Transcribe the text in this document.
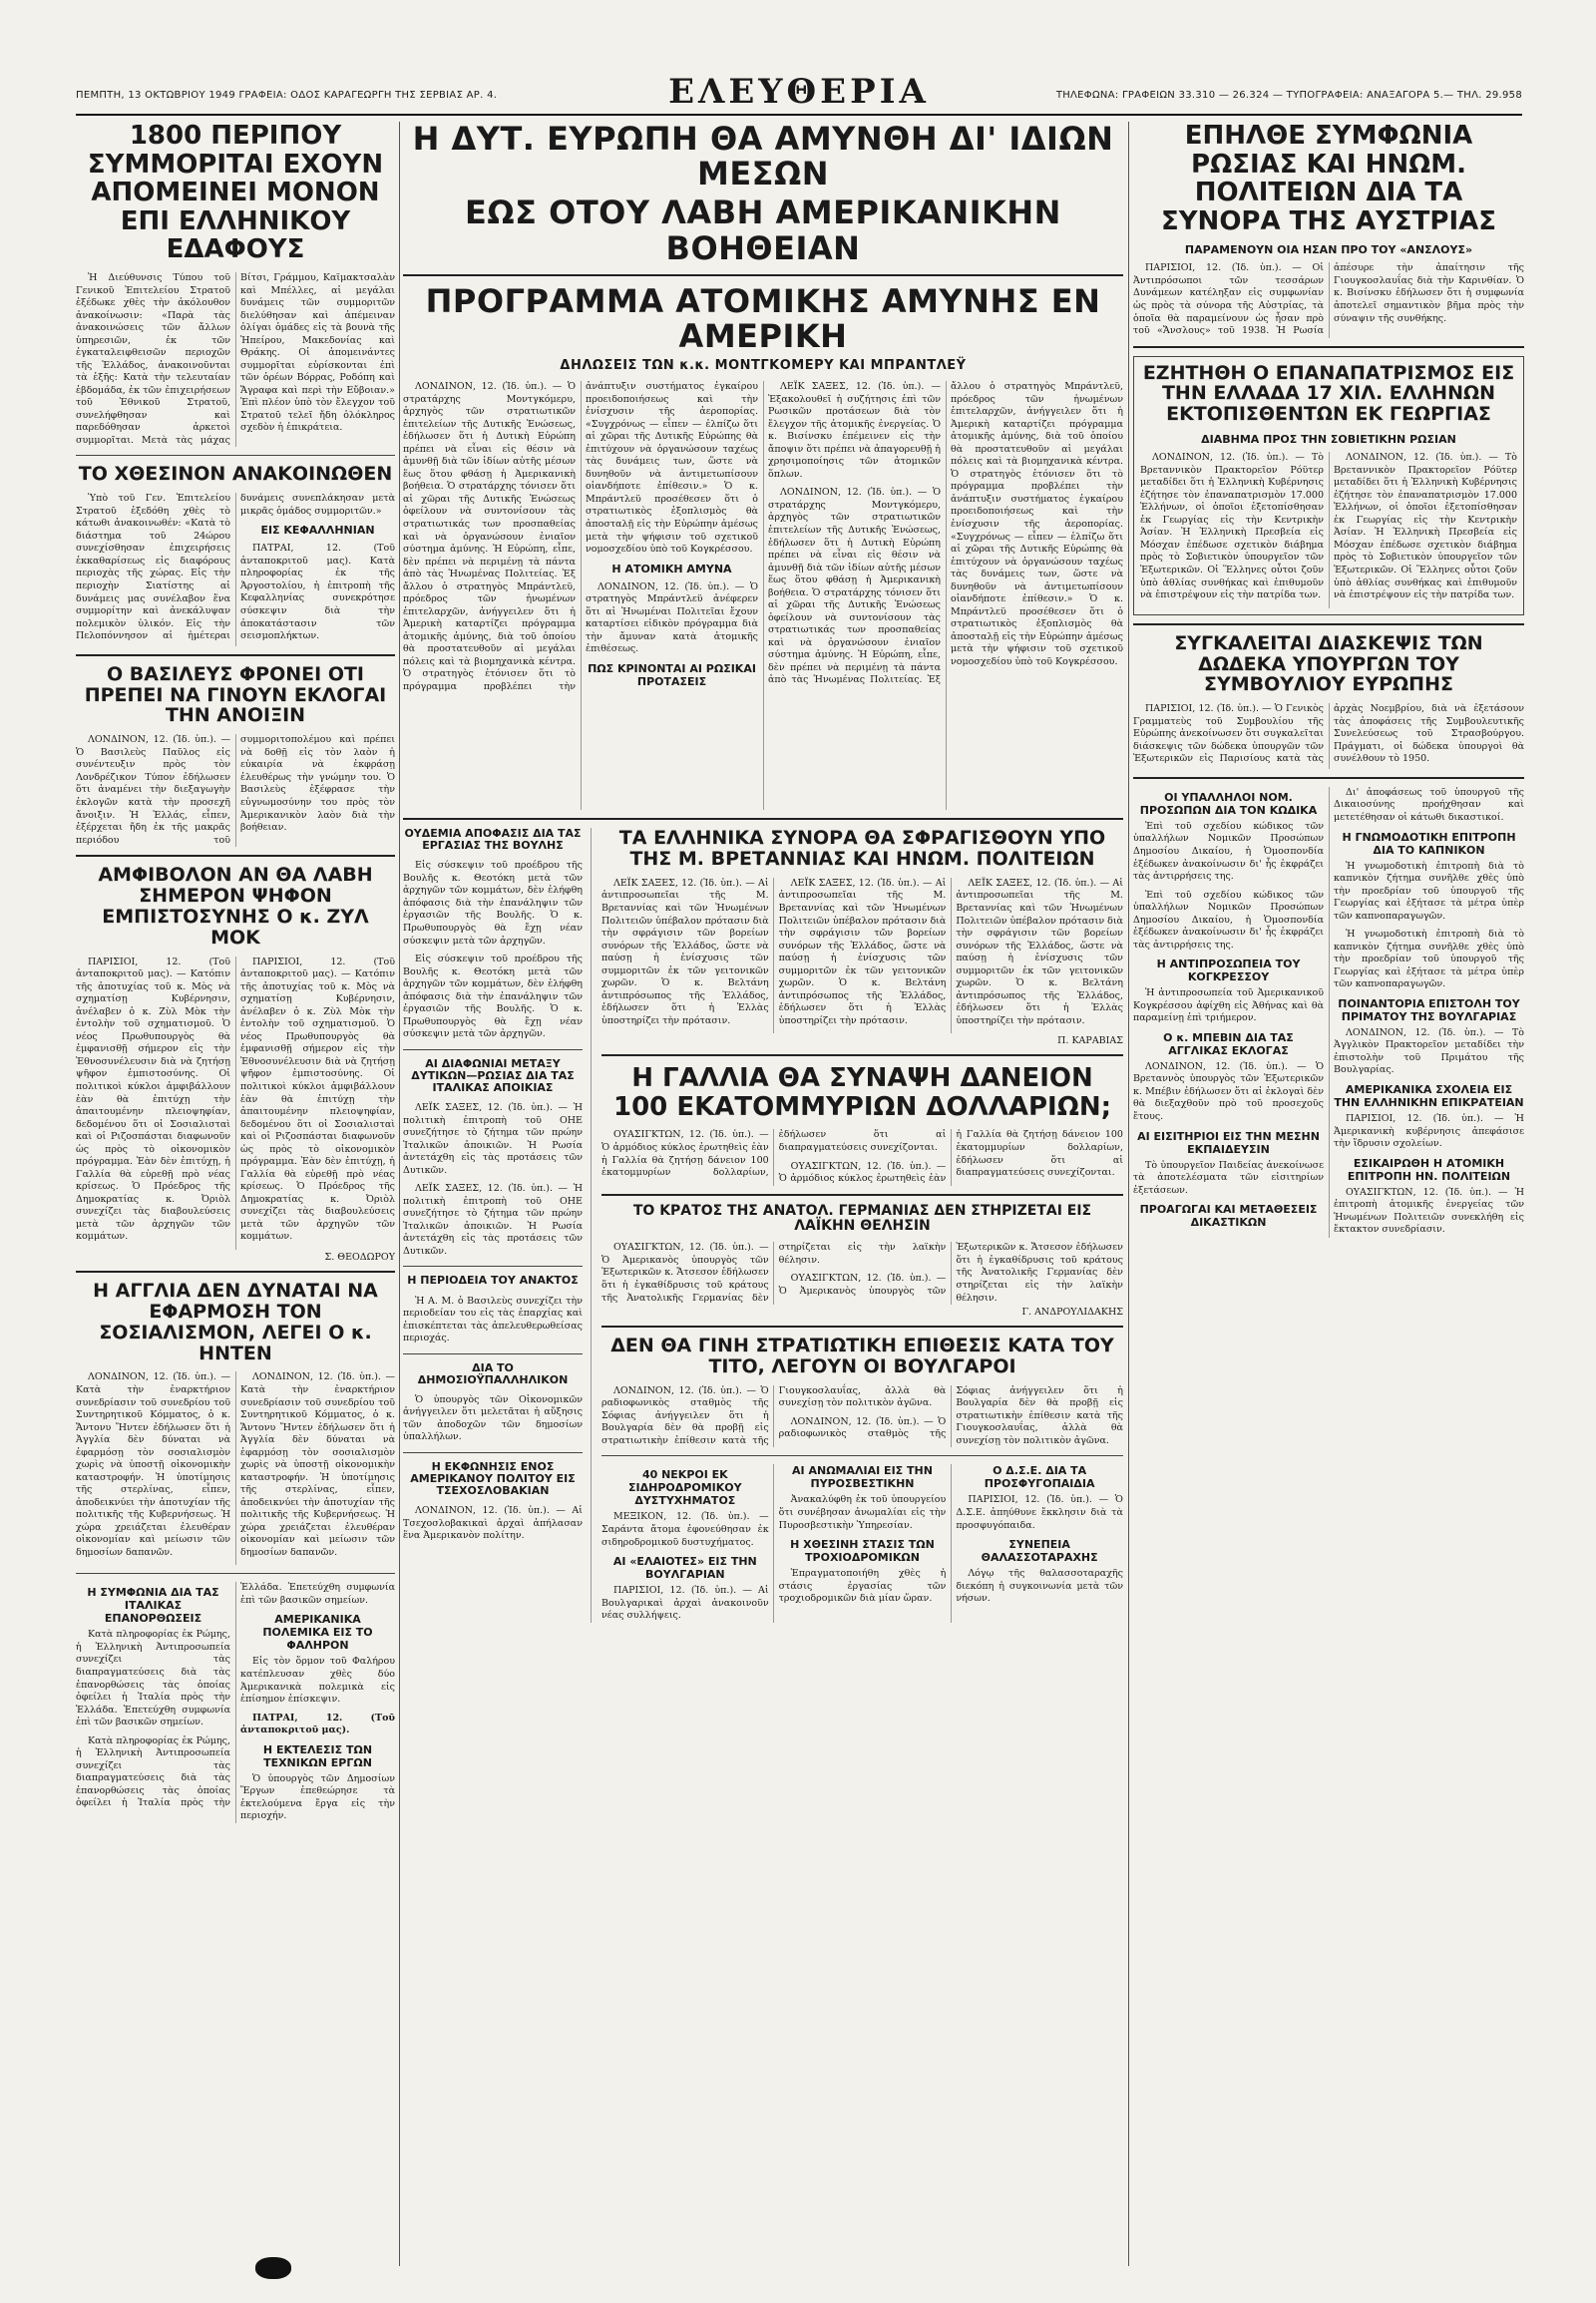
ΠΕΜΠΤΗ, 13 ΟΚΤΩΒΡΙΟΥ 1949 ΓΡΑΦΕΙΑ: ΟΔΟΣ ΚΑΡΑΓΕΩΡΓΗ ΤΗΣ ΣΕΡΒΙΑΣ ΑΡ. 4.	ΕΛΕΥΘΕΡΙΑ	ΤΗΛΕΦΩΝΑ: ΓΡΑΦΕΙΩΝ 33.310 — 26.324 — ΤΥΠΟΓΡΑΦΕΙΑ: ΑΝΑΞΑΓΟΡΑ 5.— ΤΗΛ. 29.958
1800 ΠΕΡΙΠΟΥ ΣΥΜΜΟΡΙΤΑΙ ΕΧΟΥΝ ΑΠΟΜΕΙΝΕΙ ΜΟΝΟΝ ΕΠΙ ΕΛΛΗΝΙΚΟΥ ΕΔΑΦΟΥΣ

Ἡ Διεύθυνσις Τύπου τοῦ Γενικοῦ Ἐπιτελείου Στρατοῦ ἐξέδωκε χθὲς τὴν ἀκόλουθον ἀνακοίνωσιν: «Παρὰ τὰς ἀνακοινώσεις τῶν ἄλλων ὑπηρεσιῶν, ἐκ τῶν ἐγκαταλειφθεισῶν περιοχῶν τῆς Ἑλλάδος, ἀνακοινοῦνται τὰ ἑξῆς: Κατὰ τὴν τελευταίαν ἑβδομάδα, ἐκ τῶν ἐπιχειρήσεων τοῦ Ἐθνικοῦ Στρατοῦ, συνελήφθησαν καὶ παρεδόθησαν ἀρκετοὶ συμμορῖται. Μετὰ τὰς μάχας Βίτσι, Γράμμου, Καϊμακτσαλὰν καὶ Μπέλλες, αἱ μεγάλαι δυνάμεις τῶν συμμοριτῶν διελύθησαν καὶ ἀπέμειναν ὀλίγαι ὁμάδες εἰς τὰ βουνὰ τῆς Ἠπείρου, Μακεδονίας καὶ Θράκης. Οἱ ἀπομεινάντες συμμορῖται εὑρίσκονται ἐπὶ τῶν ὀρέων Βόρρας, Ροδόπη καὶ Ἄγραφα καὶ περὶ τὴν Εὔβοιαν.» Ἐπὶ πλέον ὑπὸ τὸν ἔλεγχον τοῦ Στρατοῦ τελεῖ ἤδη ὁλόκληρος σχεδὸν ἡ ἐπικράτεια.

ΤΟ ΧΘΕΣΙΝΟΝ ΑΝΑΚΟΙΝΩΘΕΝ

Ὑπὸ τοῦ Γεν. Ἐπιτελείου Στρατοῦ ἐξεδόθη χθὲς τὸ κάτωθι ἀνακοινωθέν: «Κατὰ τὸ διάστημα τοῦ 24ώρου συνεχίσθησαν ἐπιχειρήσεις ἐκκαθαρίσεως εἰς διαφόρους περιοχὰς τῆς χώρας. Εἰς τὴν περιοχὴν Σιατίστης αἱ δυνάμεις μας συνέλαβον ἕνα συμμορίτην καὶ ἀνεκάλυψαν πολεμικὸν ὑλικόν. Εἰς τὴν Πελοπόννησον αἱ ἡμέτεραι δυνάμεις συνεπλάκησαν μετὰ μικρᾶς ὁμάδος συμμοριτῶν.»

ΕΙΣ ΚΕΦΑΛΛΗΝΙΑΝ

ΠΑΤΡΑΙ, 12. (Τοῦ ἀνταποκριτοῦ μας). Κατὰ πληροφορίας ἐκ τῆς Ἀργοστολίου, ἡ ἐπιτροπὴ τῆς Κεφαλληνίας συνεκρότησε σύσκεψιν διὰ τὴν ἀποκατάστασιν τῶν σεισμοπλήκτων.

Ο ΒΑΣΙΛΕΥΣ ΦΡΟΝΕΙ ΟΤΙ ΠΡΕΠΕΙ ΝΑ ΓΙΝΟΥΝ ΕΚΛΟΓΑΙ ΤΗΝ ΑΝΟΙΞΙΝ

ΛΟΝΔΙΝΟΝ, 12. (Ἰδ. ὑπ.). — Ὁ Βασιλεὺς Παῦλος εἰς συνέντευξιν πρὸς τὸν Λονδρέζικον Τύπον ἐδήλωσεν ὅτι ἀναμένει τὴν διεξαγωγὴν ἐκλογῶν κατὰ τὴν προσεχῆ ἄνοιξιν. Ἡ Ἑλλάς, εἶπεν, ἐξέρχεται ἤδη ἐκ τῆς μακρᾶς περιόδου τοῦ συμμοριτοπολέμου καὶ πρέπει νὰ δοθῇ εἰς τὸν λαὸν ἡ εὐκαιρία νὰ ἐκφράσῃ ἐλευθέρως τὴν γνώμην του. Ὁ Βασιλεὺς ἐξέφρασε τὴν εὐγνωμοσύνην του πρὸς τὸν Ἀμερικανικὸν λαὸν διὰ τὴν βοήθειαν.

ΑΜΦΙΒΟΛΟΝ ΑΝ ΘΑ ΛΑΒΗ ΣΗΜΕΡΟΝ ΨΗΦΟΝ ΕΜΠΙΣΤΟΣΥΝΗΣ Ο κ. ΖΥΛ ΜΟΚ

ΠΑΡΙΣΙΟΙ, 12. (Τοῦ ἀνταποκριτοῦ μας). — Κατόπιν τῆς ἀποτυχίας τοῦ κ. Μὸς νὰ σχηματίσῃ Κυβέρνησιν, ἀνέλαβεν ὁ κ. Ζὺλ Μὸκ τὴν ἐντολὴν τοῦ σχηματισμοῦ. Ὁ νέος Πρωθυπουργὸς θὰ ἐμφανισθῇ σήμερον εἰς τὴν Ἐθνοσυνέλευσιν διὰ νὰ ζητήσῃ ψῆφον ἐμπιστοσύνης. Οἱ πολιτικοὶ κύκλοι ἀμφιβάλλουν ἐὰν θὰ ἐπιτύχῃ τὴν ἀπαιτουμένην πλειοψηφίαν, δεδομένου ὅτι οἱ Σοσιαλισταὶ καὶ οἱ Ριζοσπάσται διαφωνοῦν ὡς πρὸς τὸ οἰκονομικὸν πρόγραμμα. Ἐὰν δὲν ἐπιτύχῃ, ἡ Γαλλία θὰ εὑρεθῇ πρὸ νέας κρίσεως. Ὁ Πρόεδρος τῆς Δημοκρατίας κ. Ὀριὸλ συνεχίζει τὰς διαβουλεύσεις μετὰ τῶν ἀρχηγῶν τῶν κομμάτων.

ΠΑΡΙΣΙΟΙ, 12. (Τοῦ ἀνταποκριτοῦ μας). — Κατόπιν τῆς ἀποτυχίας τοῦ κ. Μὸς νὰ σχηματίσῃ Κυβέρνησιν, ἀνέλαβεν ὁ κ. Ζὺλ Μὸκ τὴν ἐντολὴν τοῦ σχηματισμοῦ. Ὁ νέος Πρωθυπουργὸς θὰ ἐμφανισθῇ σήμερον εἰς τὴν Ἐθνοσυνέλευσιν διὰ νὰ ζητήσῃ ψῆφον ἐμπιστοσύνης. Οἱ πολιτικοὶ κύκλοι ἀμφιβάλλουν ἐὰν θὰ ἐπιτύχῃ τὴν ἀπαιτουμένην πλειοψηφίαν, δεδομένου ὅτι οἱ Σοσιαλισταὶ καὶ οἱ Ριζοσπάσται διαφωνοῦν ὡς πρὸς τὸ οἰκονομικὸν πρόγραμμα. Ἐὰν δὲν ἐπιτύχῃ, ἡ Γαλλία θὰ εὑρεθῇ πρὸ νέας κρίσεως. Ὁ Πρόεδρος τῆς Δημοκρατίας κ. Ὀριὸλ συνεχίζει τὰς διαβουλεύσεις μετὰ τῶν ἀρχηγῶν τῶν κομμάτων.

Σ. ΘΕΟΔΩΡΟΥ
Η ΑΓΓΛΙΑ ΔΕΝ ΔΥΝΑΤΑΙ ΝΑ ΕΦΑΡΜΟΣΗ ΤΟΝ ΣΟΣΙΑΛΙΣΜΟΝ, ΛΕΓΕΙ Ο κ. ΗΝΤΕΝ

ΛΟΝΔΙΝΟΝ, 12. (Ἰδ. ὑπ.). — Κατὰ τὴν ἐναρκτήριον συνεδρίασιν τοῦ συνεδρίου τοῦ Συντηρητικοῦ Κόμματος, ὁ κ. Ἄντονυ Ἤντεν ἐδήλωσεν ὅτι ἡ Ἀγγλία δὲν δύναται νὰ ἐφαρμόσῃ τὸν σοσιαλισμὸν χωρὶς νὰ ὑποστῇ οἰκονομικὴν καταστροφήν. Ἡ ὑποτίμησις τῆς στερλίνας, εἶπεν, ἀποδεικνύει τὴν ἀποτυχίαν τῆς πολιτικῆς τῆς Κυβερνήσεως. Ἡ χώρα χρειάζεται ἐλευθέραν οἰκονομίαν καὶ μείωσιν τῶν δημοσίων δαπανῶν.

ΛΟΝΔΙΝΟΝ, 12. (Ἰδ. ὑπ.). — Κατὰ τὴν ἐναρκτήριον συνεδρίασιν τοῦ συνεδρίου τοῦ Συντηρητικοῦ Κόμματος, ὁ κ. Ἄντονυ Ἤντεν ἐδήλωσεν ὅτι ἡ Ἀγγλία δὲν δύναται νὰ ἐφαρμόσῃ τὸν σοσιαλισμὸν χωρὶς νὰ ὑποστῇ οἰκονομικὴν καταστροφήν. Ἡ ὑποτίμησις τῆς στερλίνας, εἶπεν, ἀποδεικνύει τὴν ἀποτυχίαν τῆς πολιτικῆς τῆς Κυβερνήσεως. Ἡ χώρα χρειάζεται ἐλευθέραν οἰκονομίαν καὶ μείωσιν τῶν δημοσίων δαπανῶν.

Η ΣΥΜΦΩΝΙΑ ΔΙΑ ΤΑΣ ΙΤΑΛΙΚΑΣ ΕΠΑΝΟΡΘΩΣΕΙΣ

Κατὰ πληροφορίας ἐκ Ρώμης, ἡ Ἑλληνικὴ Ἀντιπροσωπεία συνεχίζει τὰς διαπραγματεύσεις διὰ τὰς ἐπανορθώσεις τὰς ὁποίας ὀφείλει ἡ Ἰταλία πρὸς τὴν Ἑλλάδα. Ἐπετεύχθη συμφωνία ἐπὶ τῶν βασικῶν σημείων.

Κατὰ πληροφορίας ἐκ Ρώμης, ἡ Ἑλληνικὴ Ἀντιπροσωπεία συνεχίζει τὰς διαπραγματεύσεις διὰ τὰς ἐπανορθώσεις τὰς ὁποίας ὀφείλει ἡ Ἰταλία πρὸς τὴν Ἑλλάδα. Ἐπετεύχθη συμφωνία ἐπὶ τῶν βασικῶν σημείων.

ΑΜΕΡΙΚΑΝΙΚΑ ΠΟΛΕΜΙΚΑ ΕΙΣ ΤΟ ΦΑΛΗΡΟΝ

Εἰς τὸν ὅρμον τοῦ Φαλήρου κατέπλευσαν χθὲς δύο Ἀμερικανικὰ πολεμικὰ εἰς ἐπίσημον ἐπίσκεψιν.

ΠΑΤΡΑΙ, 12. (Τοῦ ἀνταποκριτοῦ μας).

Η ΕΚΤΕΛΕΣΙΣ ΤΩΝ ΤΕΧΝΙΚΩΝ ΕΡΓΩΝ

Ὁ ὑπουργὸς τῶν Δημοσίων Ἔργων ἐπεθεώρησε τὰ ἐκτελούμενα ἔργα εἰς τὴν περιοχήν.

Η ΔΥΤ. ΕΥΡΩΠΗ ΘΑ ΑΜΥΝΘΗ ΔΙ' ΙΔΙΩΝ ΜΕΣΩΝ
ΕΩΣ ΟΤΟΥ ΛΑΒΗ ΑΜΕΡΙΚΑΝΙΚΗΝ ΒΟΗΘΕΙΑΝ
ΠΡΟΓΡΑΜΜΑ ΑΤΟΜΙΚΗΣ ΑΜΥΝΗΣ ΕΝ ΑΜΕΡΙΚΗ
ΔΗΛΩΣΕΙΣ ΤΩΝ κ.κ. ΜΟΝΤΓΚΟΜΕΡΥ ΚΑΙ ΜΠΡΑΝΤΛΕΫ

ΛΟΝΔΙΝΟΝ, 12. (Ἰδ. ὑπ.). — Ὁ στρατάρχης Μοντγκόμερυ, ἀρχηγὸς τῶν στρατιωτικῶν ἐπιτελείων τῆς Δυτικῆς Ἐνώσεως, ἐδήλωσεν ὅτι ἡ Δυτικὴ Εὐρώπη πρέπει νὰ εἶναι εἰς θέσιν νὰ ἀμυνθῇ διὰ τῶν ἰδίων αὐτῆς μέσων ἕως ὅτου φθάσῃ ἡ Ἀμερικανικὴ βοήθεια. Ὁ στρατάρχης τόνισεν ὅτι αἱ χῶραι τῆς Δυτικῆς Ἐνώσεως ὀφείλουν νὰ συντονίσουν τὰς στρατιωτικάς των προσπαθείας καὶ νὰ ὀργανώσουν ἑνιαῖον σύστημα ἀμύνης. Ἡ Εὐρώπη, εἶπε, δὲν πρέπει νὰ περιμένῃ τὰ πάντα ἀπὸ τὰς Ἡνωμένας Πολιτείας. Ἐξ ἄλλου ὁ στρατηγὸς Μπράντλεϋ, πρόεδρος τῶν ἡνωμένων ἐπιτελαρχῶν, ἀνήγγειλεν ὅτι ἡ Ἀμερικὴ καταρτίζει πρόγραμμα ἀτομικῆς ἀμύνης, διὰ τοῦ ὁποίου θὰ προστατευθοῦν αἱ μεγάλαι πόλεις καὶ τὰ βιομηχανικὰ κέντρα. Ὁ στρατηγὸς ἐτόνισεν ὅτι τὸ πρόγραμμα προβλέπει τὴν ἀνάπτυξιν συστήματος ἐγκαίρου προειδοποιήσεως καὶ τὴν ἐνίσχυσιν τῆς ἀεροπορίας. «Συγχρόνως — εἶπεν — ἐλπίζω ὅτι αἱ χῶραι τῆς Δυτικῆς Εὐρώπης θὰ ἐπιτύχουν νὰ ὀργανώσουν ταχέως τὰς δυνάμεις των, ὥστε νὰ δυνηθοῦν νὰ ἀντιμετωπίσουν οἱανδήποτε ἐπίθεσιν.» Ὁ κ. Μπράντλεϋ προσέθεσεν ὅτι ὁ στρατιωτικὸς ἐξοπλισμὸς θὰ ἀποσταλῇ εἰς τὴν Εὐρώπην ἀμέσως μετὰ τὴν ψήφισιν τοῦ σχετικοῦ νομοσχεδίου ὑπὸ τοῦ Κογκρέσσου.

Η ΑΤΟΜΙΚΗ ΑΜΥΝΑ

ΛΟΝΔΙΝΟΝ, 12. (Ἰδ. ὑπ.). — Ὁ στρατηγὸς Μπράντλεϋ ἀνέφερεν ὅτι αἱ Ἡνωμέναι Πολιτεῖαι ἔχουν καταρτίσει εἰδικὸν πρόγραμμα διὰ τὴν ἄμυναν κατὰ ἀτομικῆς ἐπιθέσεως.

ΠΩΣ ΚΡΙΝΟΝΤΑΙ ΑΙ ΡΩΣΙΚΑΙ ΠΡΟΤΑΣΕΙΣ

ΛΕΪΚ ΣΑΞΕΣ, 12. (Ἰδ. ὑπ.). — Ἐξακολουθεῖ ἡ συζήτησις ἐπὶ τῶν Ρωσικῶν προτάσεων διὰ τὸν ἔλεγχον τῆς ἀτομικῆς ἐνεργείας. Ὁ κ. Βισίνσκυ ἐπέμεινεν εἰς τὴν ἄποψιν ὅτι πρέπει νὰ ἀπαγορευθῇ ἡ χρησιμοποίησις τῶν ἀτομικῶν ὅπλων.

ΛΟΝΔΙΝΟΝ, 12. (Ἰδ. ὑπ.). — Ὁ στρατάρχης Μοντγκόμερυ, ἀρχηγὸς τῶν στρατιωτικῶν ἐπιτελείων τῆς Δυτικῆς Ἐνώσεως, ἐδήλωσεν ὅτι ἡ Δυτικὴ Εὐρώπη πρέπει νὰ εἶναι εἰς θέσιν νὰ ἀμυνθῇ διὰ τῶν ἰδίων αὐτῆς μέσων ἕως ὅτου φθάσῃ ἡ Ἀμερικανικὴ βοήθεια. Ὁ στρατάρχης τόνισεν ὅτι αἱ χῶραι τῆς Δυτικῆς Ἐνώσεως ὀφείλουν νὰ συντονίσουν τὰς στρατιωτικάς των προσπαθείας καὶ νὰ ὀργανώσουν ἑνιαῖον σύστημα ἀμύνης. Ἡ Εὐρώπη, εἶπε, δὲν πρέπει νὰ περιμένῃ τὰ πάντα ἀπὸ τὰς Ἡνωμένας Πολιτείας. Ἐξ ἄλλου ὁ στρατηγὸς Μπράντλεϋ, πρόεδρος τῶν ἡνωμένων ἐπιτελαρχῶν, ἀνήγγειλεν ὅτι ἡ Ἀμερικὴ καταρτίζει πρόγραμμα ἀτομικῆς ἀμύνης, διὰ τοῦ ὁποίου θὰ προστατευθοῦν αἱ μεγάλαι πόλεις καὶ τὰ βιομηχανικὰ κέντρα. Ὁ στρατηγὸς ἐτόνισεν ὅτι τὸ πρόγραμμα προβλέπει τὴν ἀνάπτυξιν συστήματος ἐγκαίρου προειδοποιήσεως καὶ τὴν ἐνίσχυσιν τῆς ἀεροπορίας. «Συγχρόνως — εἶπεν — ἐλπίζω ὅτι αἱ χῶραι τῆς Δυτικῆς Εὐρώπης θὰ ἐπιτύχουν νὰ ὀργανώσουν ταχέως τὰς δυνάμεις των, ὥστε νὰ δυνηθοῦν νὰ ἀντιμετωπίσουν οἱανδήποτε ἐπίθεσιν.» Ὁ κ. Μπράντλεϋ προσέθεσεν ὅτι ὁ στρατιωτικὸς ἐξοπλισμὸς θὰ ἀποσταλῇ εἰς τὴν Εὐρώπην ἀμέσως μετὰ τὴν ψήφισιν τοῦ σχετικοῦ νομοσχεδίου ὑπὸ τοῦ Κογκρέσσου.

ΟΥΔΕΜΙΑ ΑΠΟΦΑΣΙΣ ΔΙΑ ΤΑΣ ΕΡΓΑΣΙΑΣ ΤΗΣ ΒΟΥΛΗΣ

Εἰς σύσκεψιν τοῦ προέδρου τῆς Βουλῆς κ. Θεοτόκη μετὰ τῶν ἀρχηγῶν τῶν κομμάτων, δὲν ἐλήφθη ἀπόφασις διὰ τὴν ἐπανάληψιν τῶν ἐργασιῶν τῆς Βουλῆς. Ὁ κ. Πρωθυπουργὸς θὰ ἔχῃ νέαν σύσκεψιν μετὰ τῶν ἀρχηγῶν.

Εἰς σύσκεψιν τοῦ προέδρου τῆς Βουλῆς κ. Θεοτόκη μετὰ τῶν ἀρχηγῶν τῶν κομμάτων, δὲν ἐλήφθη ἀπόφασις διὰ τὴν ἐπανάληψιν τῶν ἐργασιῶν τῆς Βουλῆς. Ὁ κ. Πρωθυπουργὸς θὰ ἔχῃ νέαν σύσκεψιν μετὰ τῶν ἀρχηγῶν.

ΑΙ ΔΙΑΦΩΝΙΑΙ ΜΕΤΑΞΥ ΔΥΤΙΚΩΝ—ΡΩΣΙΑΣ ΔΙΑ ΤΑΣ ΙΤΑΛΙΚΑΣ ΑΠΟΙΚΙΑΣ

ΛΕΪΚ ΣΑΞΕΣ, 12. (Ἰδ. ὑπ.). — Ἡ πολιτικὴ ἐπιτροπὴ τοῦ ΟΗΕ συνεζήτησε τὸ ζήτημα τῶν πρώην Ἰταλικῶν ἀποικιῶν. Ἡ Ρωσία ἀντετάχθη εἰς τὰς προτάσεις τῶν Δυτικῶν.

ΛΕΪΚ ΣΑΞΕΣ, 12. (Ἰδ. ὑπ.). — Ἡ πολιτικὴ ἐπιτροπὴ τοῦ ΟΗΕ συνεζήτησε τὸ ζήτημα τῶν πρώην Ἰταλικῶν ἀποικιῶν. Ἡ Ρωσία ἀντετάχθη εἰς τὰς προτάσεις τῶν Δυτικῶν.

Η ΠΕΡΙΟΔΕΙΑ ΤΟΥ ΑΝΑΚΤΟΣ

Ἡ Α. Μ. ὁ Βασιλεὺς συνεχίζει τὴν περιοδείαν του εἰς τὰς ἐπαρχίας καὶ ἐπισκέπτεται τὰς ἀπελευθερωθείσας περιοχάς.

ΔΙΑ ΤΟ ΔΗΜΟΣΙΟΫΠΑΛΛΗΛΙΚΟΝ

Ὁ ὑπουργὸς τῶν Οἰκονομικῶν ἀνήγγειλεν ὅτι μελετᾶται ἡ αὔξησις τῶν ἀποδοχῶν τῶν δημοσίων ὑπαλλήλων.

Η ΕΚΦΩΝΗΣΙΣ ΕΝΟΣ ΑΜΕΡΙΚΑΝΟΥ ΠΟΛΙΤΟΥ ΕΙΣ ΤΣΕΧΟΣΛΟΒΑΚΙΑΝ

ΛΟΝΔΙΝΟΝ, 12. (Ἰδ. ὑπ.). — Αἱ Τσεχοσλοβακικαὶ ἀρχαὶ ἀπήλασαν ἕνα Ἀμερικανὸν πολίτην.

ΤΑ ΕΛΛΗΝΙΚΑ ΣΥΝΟΡΑ ΘΑ ΣΦΡΑΓΙΣΘΟΥΝ ΥΠΟ ΤΗΣ Μ. ΒΡΕΤΑΝΝΙΑΣ ΚΑΙ ΗΝΩΜ. ΠΟΛΙΤΕΙΩΝ

ΛΕΪΚ ΣΑΞΕΣ, 12. (Ἰδ. ὑπ.). — Αἱ ἀντιπροσωπεῖαι τῆς Μ. Βρεταννίας καὶ τῶν Ἡνωμένων Πολιτειῶν ὑπέβαλον πρότασιν διὰ τὴν σφράγισιν τῶν βορείων συνόρων τῆς Ἑλλάδος, ὥστε νὰ παύσῃ ἡ ἐνίσχυσις τῶν συμμοριτῶν ἐκ τῶν γειτονικῶν χωρῶν. Ὁ κ. Βελτάνη ἀντιπρόσωπος τῆς Ἑλλάδος, ἐδήλωσεν ὅτι ἡ Ἑλλὰς ὑποστηρίζει τὴν πρότασιν.

ΛΕΪΚ ΣΑΞΕΣ, 12. (Ἰδ. ὑπ.). — Αἱ ἀντιπροσωπεῖαι τῆς Μ. Βρεταννίας καὶ τῶν Ἡνωμένων Πολιτειῶν ὑπέβαλον πρότασιν διὰ τὴν σφράγισιν τῶν βορείων συνόρων τῆς Ἑλλάδος, ὥστε νὰ παύσῃ ἡ ἐνίσχυσις τῶν συμμοριτῶν ἐκ τῶν γειτονικῶν χωρῶν. Ὁ κ. Βελτάνη ἀντιπρόσωπος τῆς Ἑλλάδος, ἐδήλωσεν ὅτι ἡ Ἑλλὰς ὑποστηρίζει τὴν πρότασιν.

ΛΕΪΚ ΣΑΞΕΣ, 12. (Ἰδ. ὑπ.). — Αἱ ἀντιπροσωπεῖαι τῆς Μ. Βρεταννίας καὶ τῶν Ἡνωμένων Πολιτειῶν ὑπέβαλον πρότασιν διὰ τὴν σφράγισιν τῶν βορείων συνόρων τῆς Ἑλλάδος, ὥστε νὰ παύσῃ ἡ ἐνίσχυσις τῶν συμμοριτῶν ἐκ τῶν γειτονικῶν χωρῶν. Ὁ κ. Βελτάνη ἀντιπρόσωπος τῆς Ἑλλάδος, ἐδήλωσεν ὅτι ἡ Ἑλλὰς ὑποστηρίζει τὴν πρότασιν.

Π. ΚΑΡΑΒΙΑΣ
Η ΓΑΛΛΙΑ ΘΑ ΣΥΝΑΨΗ ΔΑΝΕΙΟΝ 100 ΕΚΑΤΟΜΜΥΡΙΩΝ ΔΟΛΛΑΡΙΩΝ;

ΟΥΑΣΙΓΚΤΩΝ, 12. (Ἰδ. ὑπ.). — Ὁ ἀρμόδιος κύκλος ἐρωτηθεὶς ἐὰν ἡ Γαλλία θὰ ζητήσῃ δάνειον 100 ἑκατομμυρίων δολλαρίων, ἐδήλωσεν ὅτι αἱ διαπραγματεύσεις συνεχίζονται.

ΟΥΑΣΙΓΚΤΩΝ, 12. (Ἰδ. ὑπ.). — Ὁ ἀρμόδιος κύκλος ἐρωτηθεὶς ἐὰν ἡ Γαλλία θὰ ζητήσῃ δάνειον 100 ἑκατομμυρίων δολλαρίων, ἐδήλωσεν ὅτι αἱ διαπραγματεύσεις συνεχίζονται.

ΤΟ ΚΡΑΤΟΣ ΤΗΣ ΑΝΑΤΟΛ. ΓΕΡΜΑΝΙΑΣ ΔΕΝ ΣΤΗΡΙΖΕΤΑΙ ΕΙΣ ΛΑΪΚΗΝ ΘΕΛΗΣΙΝ

ΟΥΑΣΙΓΚΤΩΝ, 12. (Ἰδ. ὑπ.). — Ὁ Ἀμερικανὸς ὑπουργὸς τῶν Ἐξωτερικῶν κ. Ἄτσεσον ἐδήλωσεν ὅτι ἡ ἐγκαθίδρυσις τοῦ κράτους τῆς Ἀνατολικῆς Γερμανίας δὲν στηρίζεται εἰς τὴν λαϊκὴν θέλησιν.

ΟΥΑΣΙΓΚΤΩΝ, 12. (Ἰδ. ὑπ.). — Ὁ Ἀμερικανὸς ὑπουργὸς τῶν Ἐξωτερικῶν κ. Ἄτσεσον ἐδήλωσεν ὅτι ἡ ἐγκαθίδρυσις τοῦ κράτους τῆς Ἀνατολικῆς Γερμανίας δὲν στηρίζεται εἰς τὴν λαϊκὴν θέλησιν.

Γ. ΑΝΔΡΟΥΛΙΔΑΚΗΣ
ΔΕΝ ΘΑ ΓΙΝΗ ΣΤΡΑΤΙΩΤΙΚΗ ΕΠΙΘΕΣΙΣ ΚΑΤΑ ΤΟΥ ΤΙΤΟ, ΛΕΓΟΥΝ ΟΙ ΒΟΥΛΓΑΡΟΙ

ΛΟΝΔΙΝΟΝ, 12. (Ἰδ. ὑπ.). — Ὁ ραδιοφωνικὸς σταθμὸς τῆς Σόφιας ἀνήγγειλεν ὅτι ἡ Βουλγαρία δὲν θὰ προβῇ εἰς στρατιωτικὴν ἐπίθεσιν κατὰ τῆς Γιουγκοσλαυΐας, ἀλλὰ θὰ συνεχίσῃ τὸν πολιτικὸν ἀγῶνα.

ΛΟΝΔΙΝΟΝ, 12. (Ἰδ. ὑπ.). — Ὁ ραδιοφωνικὸς σταθμὸς τῆς Σόφιας ἀνήγγειλεν ὅτι ἡ Βουλγαρία δὲν θὰ προβῇ εἰς στρατιωτικὴν ἐπίθεσιν κατὰ τῆς Γιουγκοσλαυΐας, ἀλλὰ θὰ συνεχίσῃ τὸν πολιτικὸν ἀγῶνα.

40 ΝΕΚΡΟΙ ΕΚ ΣΙΔΗΡΟΔΡΟΜΙΚΟΥ ΔΥΣΤΥΧΗΜΑΤΟΣ

ΜΕΞΙΚΟΝ, 12. (Ἰδ. ὑπ.). — Σαράντα ἄτομα ἐφονεύθησαν ἐκ σιδηροδρομικοῦ δυστυχήματος.

ΑΙ «ΕΛΑΙΟΤΕΣ» ΕΙΣ ΤΗΝ ΒΟΥΛΓΑΡΙΑΝ

ΠΑΡΙΣΙΟΙ, 12. (Ἰδ. ὑπ.). — Αἱ Βουλγαρικαὶ ἀρχαὶ ἀνακοινοῦν νέας συλλήψεις.

ΑΙ ΑΝΩΜΑΛΙΑΙ ΕΙΣ ΤΗΝ ΠΥΡΟΣΒΕΣΤΙΚΗΝ

Ἀνακαλύφθη ἐκ τοῦ ὑπουργείου ὅτι συνέβησαν ἀνωμαλίαι εἰς τὴν Πυροσβεστικὴν Ὑπηρεσίαν.

Η ΧΘΕΣΙΝΗ ΣΤΑΣΙΣ ΤΩΝ ΤΡΟΧΙΟΔΡΟΜΙΚΩΝ

Ἐπραγματοποιήθη χθὲς ἡ στάσις ἐργασίας τῶν τροχιοδρομικῶν διὰ μίαν ὥραν.

Ο Δ.Σ.Ε. ΔΙΑ ΤΑ ΠΡΟΣΦΥΓΟΠΑΙΔΙΑ

ΠΑΡΙΣΙΟΙ, 12. (Ἰδ. ὑπ.). — Ὁ Δ.Σ.Ε. ἀπηύθυνε ἔκκλησιν διὰ τὰ προσφυγόπαιδα.

ΣΥΝΕΠΕΙΑ ΘΑΛΑΣΣΟΤΑΡΑΧΗΣ

Λόγῳ τῆς θαλασσοταραχῆς διεκόπη ἡ συγκοινωνία μετὰ τῶν νήσων.

ΕΠΗΛΘΕ ΣΥΜΦΩΝΙΑ ΡΩΣΙΑΣ ΚΑΙ ΗΝΩΜ. ΠΟΛΙΤΕΙΩΝ ΔΙΑ ΤΑ ΣΥΝΟΡΑ ΤΗΣ ΑΥΣΤΡΙΑΣ
ΠΑΡΑΜΕΝΟΥΝ ΟΙΑ ΗΣΑΝ ΠΡΟ ΤΟΥ «ΑΝΣΛΟΥΣ»

ΠΑΡΙΣΙΟΙ, 12. (Ἰδ. ὑπ.). — Οἱ Ἀντιπρόσωποι τῶν τεσσάρων Δυνάμεων κατέληξαν εἰς συμφωνίαν ὡς πρὸς τὰ σύνορα τῆς Αὐστρίας, τὰ ὁποῖα θὰ παραμείνουν ὡς ἦσαν πρὸ τοῦ «Ἄνσλους» τοῦ 1938. Ἡ Ρωσία ἀπέσυρε τὴν ἀπαίτησιν τῆς Γιουγκοσλαυΐας διὰ τὴν Καρινθίαν. Ὁ κ. Βισίνσκυ ἐδήλωσεν ὅτι ἡ συμφωνία ἀποτελεῖ σημαντικὸν βῆμα πρὸς τὴν σύναψιν τῆς συνθήκης.

ΕΖΗΤΗΘΗ Ο ΕΠΑΝΑΠΑΤΡΙΣΜΟΣ ΕΙΣ ΤΗΝ ΕΛΛΑΔΑ 17 ΧΙΛ. ΕΛΛΗΝΩΝ ΕΚΤΟΠΙΣΘΕΝΤΩΝ ΕΚ ΓΕΩΡΓΙΑΣ
ΔΙΑΒΗΜΑ ΠΡΟΣ ΤΗΝ ΣΟΒΙΕΤΙΚΗΝ ΡΩΣΙΑΝ

ΛΟΝΔΙΝΟΝ, 12. (Ἰδ. ὑπ.). — Τὸ Βρεταννικὸν Πρακτορεῖον Ρόϋτερ μεταδίδει ὅτι ἡ Ἑλληνικὴ Κυβέρνησις ἐζήτησε τὸν ἐπαναπατρισμὸν 17.000 Ἑλλήνων, οἱ ὁποῖοι ἐξετοπίσθησαν ἐκ Γεωργίας εἰς τὴν Κεντρικὴν Ἀσίαν. Ἡ Ἑλληνικὴ Πρεσβεία εἰς Μόσχαν ἐπέδωσε σχετικὸν διάβημα πρὸς τὸ Σοβιετικὸν ὑπουργεῖον τῶν Ἐξωτερικῶν. Οἱ Ἕλληνες οὗτοι ζοῦν ὑπὸ ἀθλίας συνθήκας καὶ ἐπιθυμοῦν νὰ ἐπιστρέψουν εἰς τὴν πατρίδα των.

ΛΟΝΔΙΝΟΝ, 12. (Ἰδ. ὑπ.). — Τὸ Βρεταννικὸν Πρακτορεῖον Ρόϋτερ μεταδίδει ὅτι ἡ Ἑλληνικὴ Κυβέρνησις ἐζήτησε τὸν ἐπαναπατρισμὸν 17.000 Ἑλλήνων, οἱ ὁποῖοι ἐξετοπίσθησαν ἐκ Γεωργίας εἰς τὴν Κεντρικὴν Ἀσίαν. Ἡ Ἑλληνικὴ Πρεσβεία εἰς Μόσχαν ἐπέδωσε σχετικὸν διάβημα πρὸς τὸ Σοβιετικὸν ὑπουργεῖον τῶν Ἐξωτερικῶν. Οἱ Ἕλληνες οὗτοι ζοῦν ὑπὸ ἀθλίας συνθήκας καὶ ἐπιθυμοῦν νὰ ἐπιστρέψουν εἰς τὴν πατρίδα των.

ΣΥΓΚΑΛΕΙΤΑΙ ΔΙΑΣΚΕΨΙΣ ΤΩΝ ΔΩΔΕΚΑ ΥΠΟΥΡΓΩΝ ΤΟΥ ΣΥΜΒΟΥΛΙΟΥ ΕΥΡΩΠΗΣ

ΠΑΡΙΣΙΟΙ, 12. (Ἰδ. ὑπ.). — Ὁ Γενικὸς Γραμματεὺς τοῦ Συμβουλίου τῆς Εὐρώπης ἀνεκοίνωσεν ὅτι συγκαλεῖται διάσκεψις τῶν δώδεκα ὑπουργῶν τῶν Ἐξωτερικῶν εἰς Παρισίους κατὰ τὰς ἀρχὰς Νοεμβρίου, διὰ νὰ ἐξετάσουν τὰς ἀποφάσεις τῆς Συμβουλευτικῆς Συνελεύσεως τοῦ Στρασβούργου. Πράγματι, οἱ δώδεκα ὑπουργοὶ θὰ συνέλθουν τὸ 1950.

ΟΙ ΥΠΑΛΛΗΛΟΙ ΝΟΜ. ΠΡΟΣΩΠΩΝ ΔΙΑ ΤΟΝ ΚΩΔΙΚΑ

Ἐπὶ τοῦ σχεδίου κώδικος τῶν ὑπαλλήλων Νομικῶν Προσώπων Δημοσίου Δικαίου, ἡ Ὁμοσπονδία ἐξέδωκεν ἀνακοίνωσιν δι' ἧς ἐκφράζει τὰς ἀντιρρήσεις της.

Ἐπὶ τοῦ σχεδίου κώδικος τῶν ὑπαλλήλων Νομικῶν Προσώπων Δημοσίου Δικαίου, ἡ Ὁμοσπονδία ἐξέδωκεν ἀνακοίνωσιν δι' ἧς ἐκφράζει τὰς ἀντιρρήσεις της.

Η ΑΝΤΙΠΡΟΣΩΠΕΙΑ ΤΟΥ ΚΟΓΚΡΕΣΣΟΥ

Ἡ ἀντιπροσωπεία τοῦ Ἀμερικανικοῦ Κογκρέσσου ἀφίχθη εἰς Ἀθήνας καὶ θὰ παραμείνῃ ἐπὶ τριήμερον.

Ο κ. ΜΠΕΒΙΝ ΔΙΑ ΤΑΣ ΑΓΓΛΙΚΑΣ ΕΚΛΟΓΑΣ

ΛΟΝΔΙΝΟΝ, 12. (Ἰδ. ὑπ.). — Ὁ Βρεταννὸς ὑπουργὸς τῶν Ἐξωτερικῶν κ. Μπέβιν ἐδήλωσεν ὅτι αἱ ἐκλογαὶ δὲν θὰ διεξαχθοῦν πρὸ τοῦ προσεχοῦς ἔτους.

ΑΙ ΕΙΣΙΤΗΡΙΟΙ ΕΙΣ ΤΗΝ ΜΕΣΗΝ ΕΚΠΑΙΔΕΥΣΙΝ

Τὸ ὑπουργεῖον Παιδείας ἀνεκοίνωσε τὰ ἀποτελέσματα τῶν εἰσιτηρίων ἐξετάσεων.

ΠΡΟΑΓΩΓΑΙ ΚΑΙ ΜΕΤΑΘΕΣΕΙΣ ΔΙΚΑΣΤΙΚΩΝ

Δι' ἀποφάσεως τοῦ ὑπουργοῦ τῆς Δικαιοσύνης προήχθησαν καὶ μετετέθησαν οἱ κάτωθι δικαστικοί.

Η ΓΝΩΜΟΔΟΤΙΚΗ ΕΠΙΤΡΟΠΗ ΔΙΑ ΤΟ ΚΑΠΝΙΚΟΝ

Ἡ γνωμοδοτικὴ ἐπιτροπὴ διὰ τὸ καπνικὸν ζήτημα συνῆλθε χθὲς ὑπὸ τὴν προεδρίαν τοῦ ὑπουργοῦ τῆς Γεωργίας καὶ ἐξήτασε τὰ μέτρα ὑπὲρ τῶν καπνοπαραγωγῶν.

Ἡ γνωμοδοτικὴ ἐπιτροπὴ διὰ τὸ καπνικὸν ζήτημα συνῆλθε χθὲς ὑπὸ τὴν προεδρίαν τοῦ ὑπουργοῦ τῆς Γεωργίας καὶ ἐξήτασε τὰ μέτρα ὑπὲρ τῶν καπνοπαραγωγῶν.

ΠΟΙΝΑΝΤΟΡΙΑ ΕΠΙΣΤΟΛΗ ΤΟΥ ΠΡΙΜΑΤΟΥ ΤΗΣ ΒΟΥΛΓΑΡΙΑΣ

ΛΟΝΔΙΝΟΝ, 12. (Ἰδ. ὑπ.). — Τὸ Ἀγγλικὸν Πρακτορεῖον μεταδίδει τὴν ἐπιστολὴν τοῦ Πριμάτου τῆς Βουλγαρίας.

ΑΜΕΡΙΚΑΝΙΚΑ ΣΧΟΛΕΙΑ ΕΙΣ ΤΗΝ ΕΛΛΗΝΙΚΗΝ ΕΠΙΚΡΑΤΕΙΑΝ

ΠΑΡΙΣΙΟΙ, 12. (Ἰδ. ὑπ.). — Ἡ Ἀμερικανικὴ κυβέρνησις ἀπεφάσισε τὴν ἵδρυσιν σχολείων.

ΕΣΙΚΑΙΡΩΘΗ Η ΑΤΟΜΙΚΗ ΕΠΙΤΡΟΠΗ ΗΝ. ΠΟΛΙΤΕΙΩΝ

ΟΥΑΣΙΓΚΤΩΝ, 12. (Ἰδ. ὑπ.). — Ἡ ἐπιτροπὴ ἀτομικῆς ἐνεργείας τῶν Ἡνωμένων Πολιτειῶν συνεκλήθη εἰς ἔκτακτον συνεδρίασιν.
